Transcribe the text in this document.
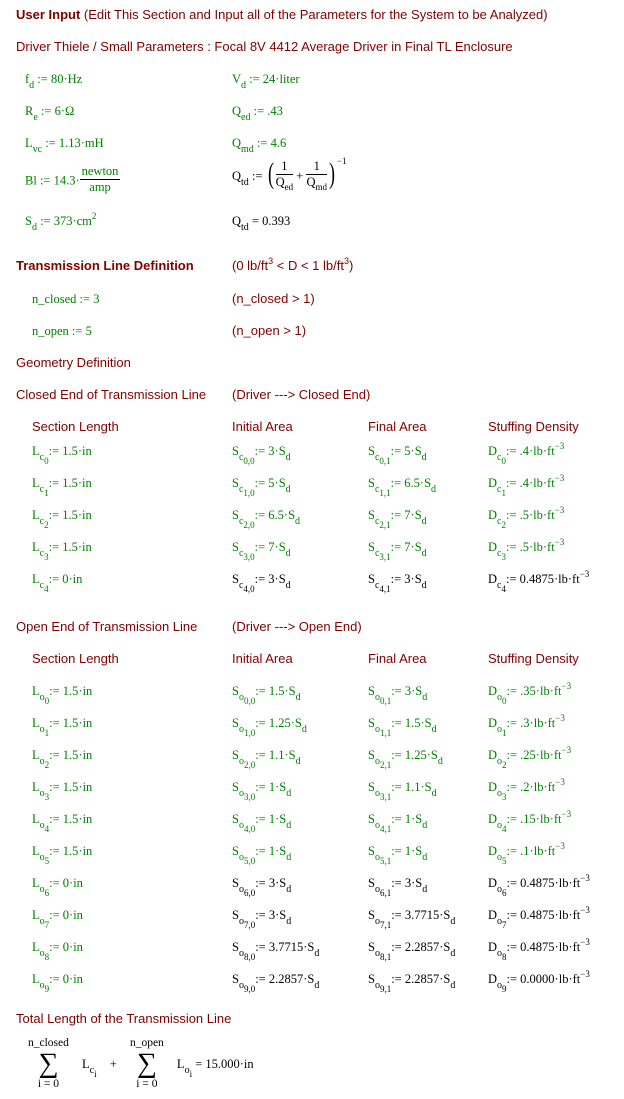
User Input (Edit This Section and Input all of the Parameters for the System to be Analyzed)
Driver Thiele / Small Parameters : Focal 8V 4412 Average Driver in Final TL Enclosure
$f_d$ := 80·Hz	$V_d$ := 24·liter
$R_e$ := 6·Ω	$Q_{ed}$ := .43
$L_{vc}$ := 1.13·mH	$Q_{md}$ := 4.6
Bl := $14.3\cdot \frac{\text{newton}}{\text{amp}}$	$Q_{td}$ := ( $\frac{1}{Q_{ed}} + \frac{1}{Q_{md}}$ ) $^{-1}$
$S_d$ := $373\cdot cm^2$	$Q_{td} = 0.393$
Transmission Line Definition	(0 $lb/ft^3 < D < 1$ $lb/ft^3$)
n_closed := 3	(n_closed > 1)
n_open := 5	(n_open > 1)
Geometry Definition
Closed End of Transmission Line (Driver ---> Closed End)
Section Length	Initial Area	Final Area	Stuffing Density
$L_{c0}:= 1.5\cdot in$	$S_{c0,0}:= 3\cdot S_d$	$S_{c0,1}:= 5\cdot S_d$	$D_{c0}:= .4\cdot lb\cdot ft^{-3}$
$L_{c1}:= 1.5\cdot in$	$S_{c1,0}:= 5\cdot S_d$	$S_{c1,1}:= 6.5\cdot S_d$	$D_{c1}:= .4\cdot lb\cdot ft^{-3}$
$L_{c2}:= 1.5\cdot in$	$S_{c2,0}:= 6.5\cdot S_d$	$S_{c2,1}:= 7\cdot S_d$	$D_{c2}:= .5\cdot lb\cdot ft^{-3}$
$L_{c3}:= 1.5\cdot in$	$S_{c3,0}:= 7\cdot S_d$	$S_{c3,1}:= 7\cdot S_d$	$D_{c3}:= .5\cdot lb\cdot ft^{-3}$
$L_{c4}:= 0\cdot in$	$S_{c4,0}:= 3\cdot S_d$	$S_{c4,1}:= 3\cdot S_d$	$D_{c4}:= 0.4875\cdot lb\cdot ft^{-3}$
Open End of Transmission Line	(Driver ---> Open End)
Section Length	Initial Area	Final Area	Stuffing Density
$L_{o0}:= 1.5\cdot in$	$S_{o0,0}:= 1.5\cdot S_d$	$S_{o0,1}:= 3\cdot S_d$	$D_{o0}:= .35\cdot lb\cdot ft^{-3}$
$L_{o1}:= 1.5\cdot in$	$S_{o1,0}:= 1.25\cdot S_d$	$S_{o1,1}:= 1.5\cdot S_d$	$D_{o1}:= .3\cdot lb\cdot ft^{-3}$
$L_{o2}:= 1.5\cdot in$	$S_{o2,0}:= 1.1\cdot S_d$	$S_{o2,1}:= 1.25\cdot S_d$	$D_{o2}:= .25\cdot lb\cdot ft^{-3}$
$L_{o3}:= 1.5\cdot in$	$S_{o3,0}:= 1\cdot S_d$	$S_{o3,1}:= 1.1\cdot S_d$	$D_{o3}:= .2\cdot lb\cdot ft^{-3}$
$L_{o4}:= 1.5\cdot in$	$S_{o4,0}:= 1\cdot S_d$	$S_{o4,1}:= 1\cdot S_d$	$D_{o4}:= .15\cdot lb\cdot ft^{-3}$
$L_{o5}:= 1.5\cdot in$	$S_{o5,0}:= 1\cdot S_d$	$S_{o5,1}:= 1\cdot S_d$	$D_{o5}:= .1\cdot lb\cdot ft^{-3}$
$L_{o6}:= 0\cdot in$	$S_{o6,0}:= 3\cdot S_d$	$S_{o6,1}:= 3\cdot S_d$	$D_{o6}:= 0.4875\cdot lb\cdot ft^{-3}$
$L_{o7}:= 0\cdot in$	$S_{o7,0}:= 3\cdot S_d$	$S_{o7,1}:= 3.7715\cdot S_d$	$D_{o7}:= 0.4875\cdot lb\cdot ft^{-3}$
$L_{o8}:= 0\cdot in$	$S_{o8,0}:= 3.7715\cdot S_d$	$S_{o8,1}:= 2.2857\cdot S_d$	$D_{o8}:= 0.4875\cdot lb\cdot ft^{-3}$
$L_{o9}:= 0\cdot in$	$S_{o9,0}:= 2.2857\cdot S_d$	$S_{o9,1}:= 2.2857\cdot S_d$	$D_{o9}:= 0.0000\cdot lb\cdot ft^{-3}$
Total Length of the Transmission Line
n_closed
∑
i = 0
$L_{ci}$ +
n_open
∑
i = 0
$L_{oi} = 15.000\cdot in$
